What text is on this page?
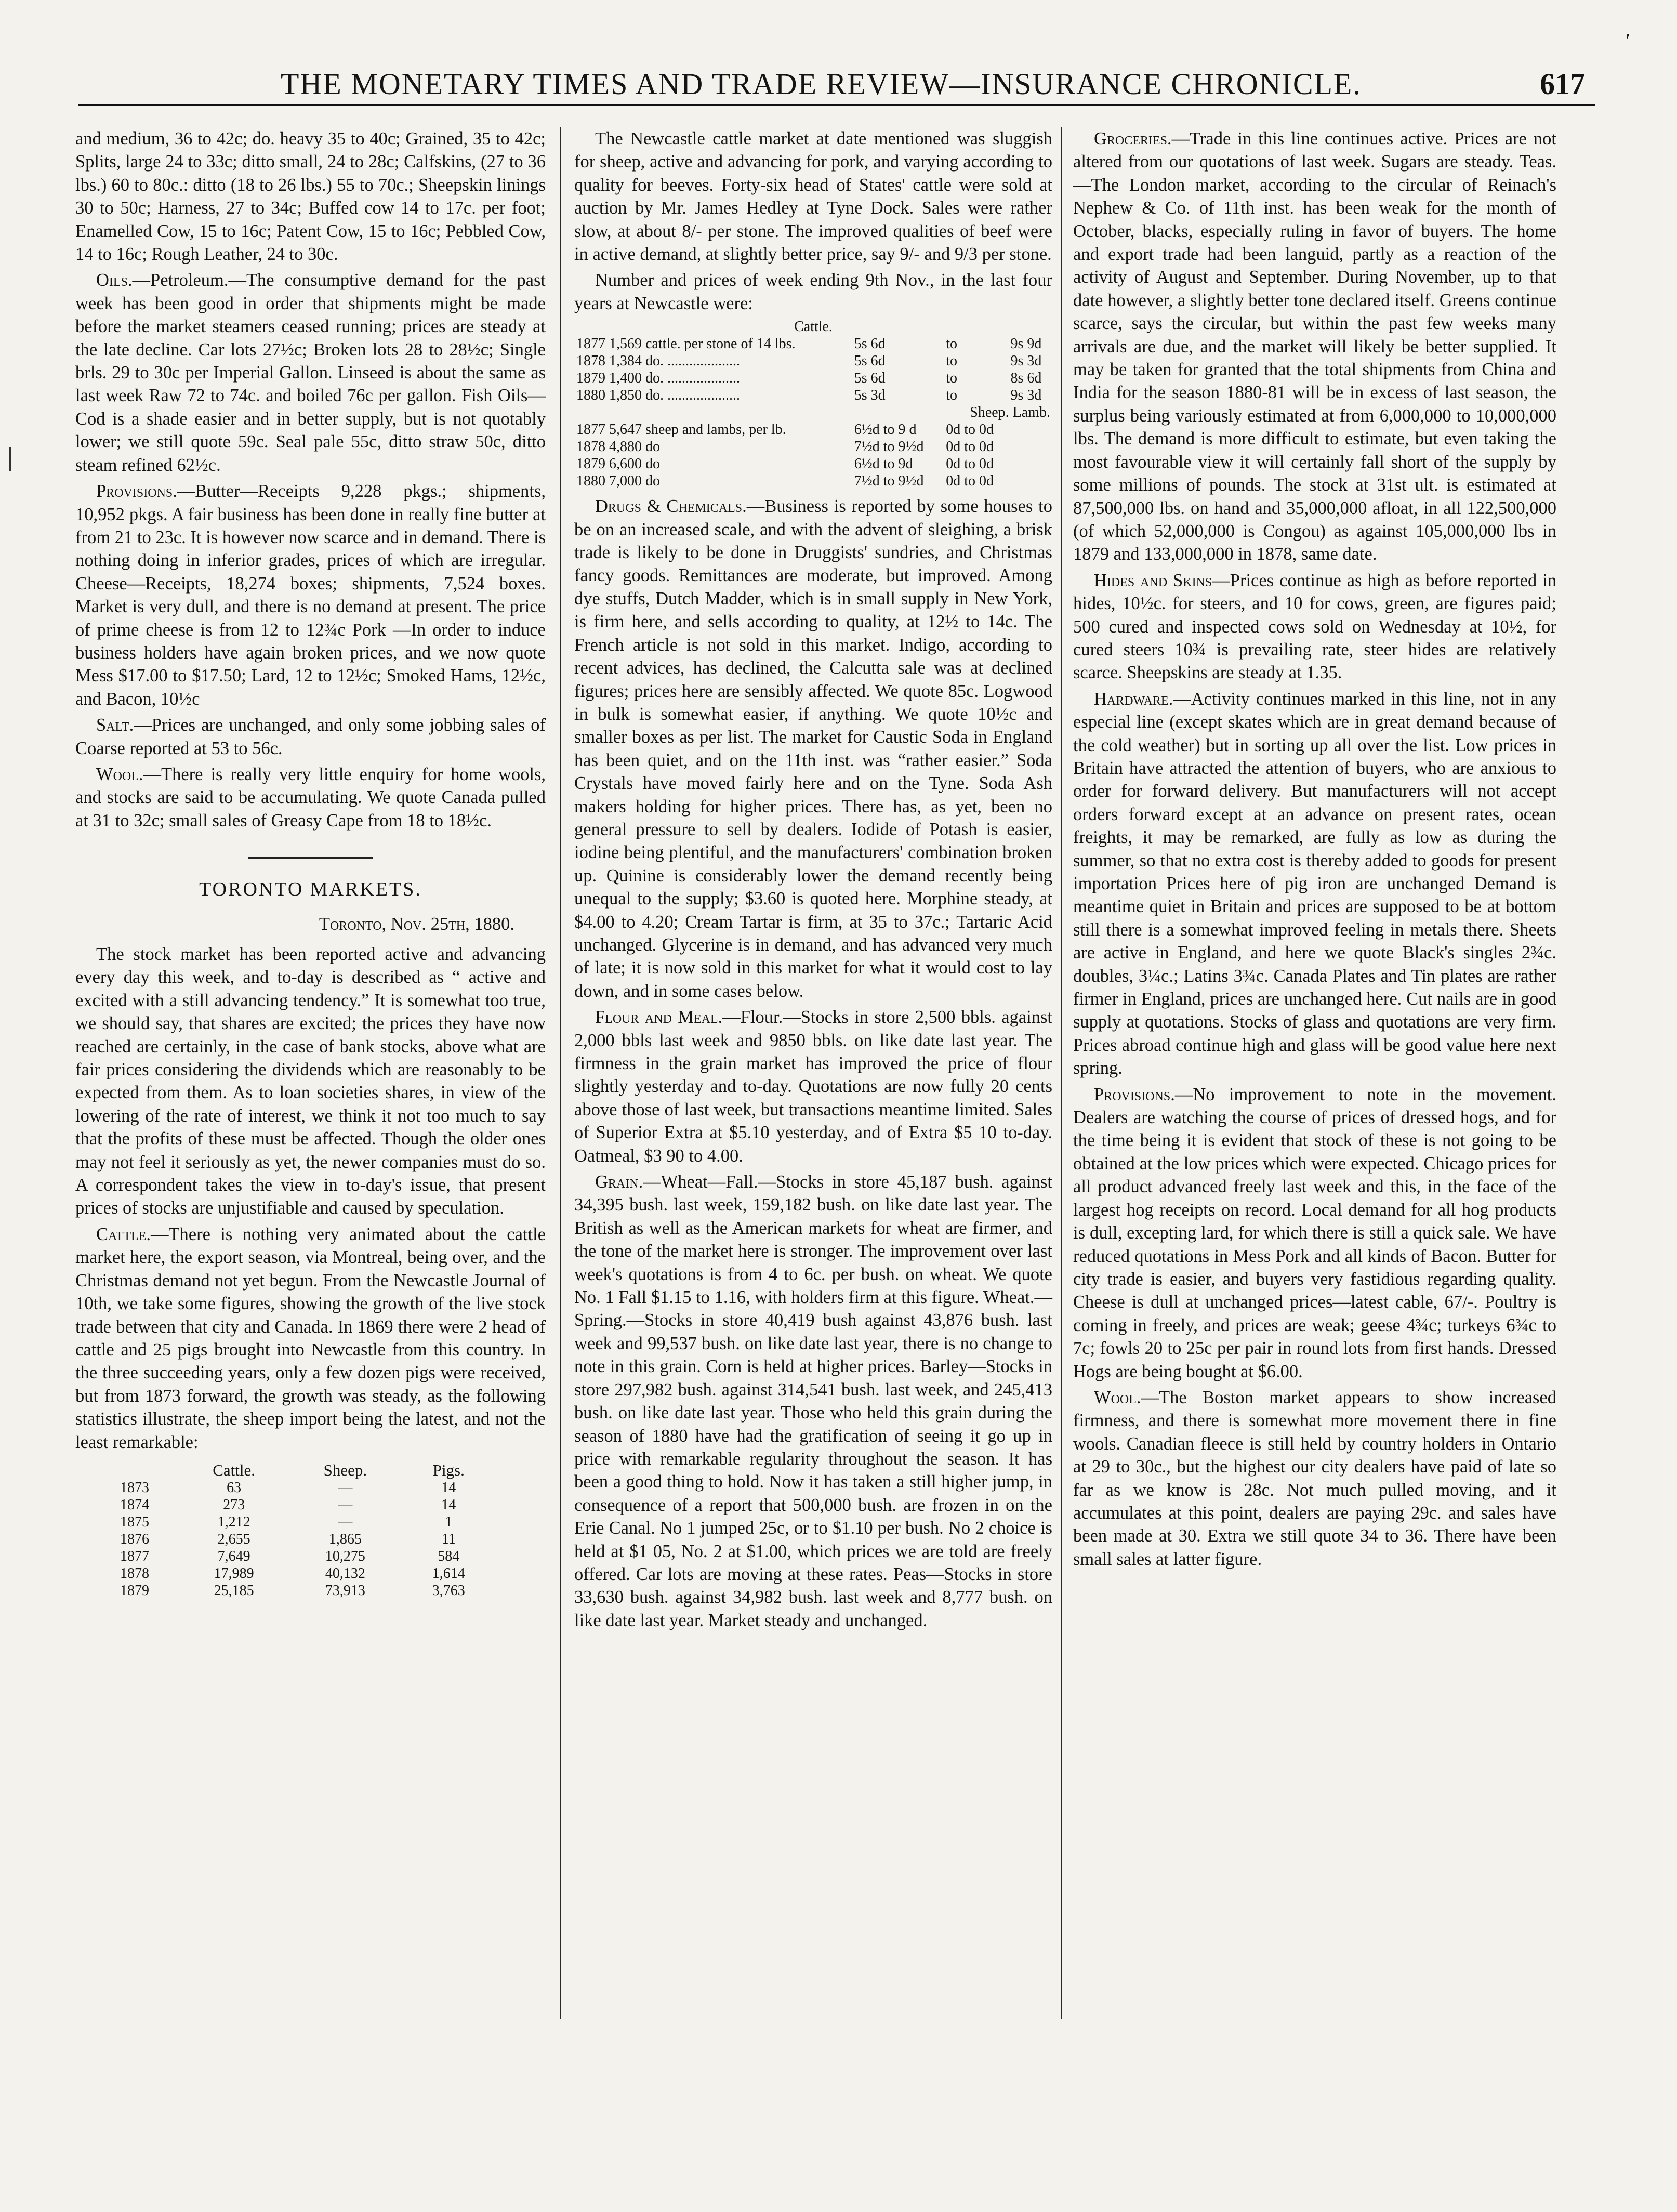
′
THE MONETARY TIMES AND TRADE REVIEW—INSURANCE CHRONICLE.	617

and medium, 36 to 42c; do. heavy 35 to 40c; Grained, 35 to 42c; Splits, large 24 to 33c; ditto small, 24 to 28c; Calfskins, (27 to 36 lbs.) 60 to 80c.: ditto (18 to 26 lbs.) 55 to 70c.; Sheepskin linings 30 to 50c; Harness, 27 to 34c; Buffed cow 14 to 17c. per foot; Enamelled Cow, 15 to 16c; Patent Cow, 15 to 16c; Pebbled Cow, 14 to 16c; Rough Leather, 24 to 30c.

Oils.—Petroleum.—The consumptive demand for the past week has been good in order that shipments might be made before the market steamers ceased running; prices are steady at the late decline. Car lots 27½c; Broken lots 28 to 28½c; Single brls. 29 to 30c per Imperial Gallon. Linseed is about the same as last week Raw 72 to 74c. and boiled 76c per gallon. Fish Oils—Cod is a shade easier and in better supply, but is not quotably lower; we still quote 59c. Seal pale 55c, ditto straw 50c, ditto steam refined 62½c.

Provisions.—Butter—Receipts 9,228 pkgs.; shipments, 10,952 pkgs. A fair business has been done in really fine butter at from 21 to 23c. It is however now scarce and in demand. There is nothing doing in inferior grades, prices of which are irregular. Cheese—Receipts, 18,274 boxes; shipments, 7,524 boxes. Market is very dull, and there is no demand at present. The price of prime cheese is from 12 to 12¾c Pork —In order to induce business holders have again broken prices, and we now quote Mess $17.00 to $17.50; Lard, 12 to 12½c; Smoked Hams, 12½c, and Bacon, 10½c

Salt.—Prices are unchanged, and only some jobbing sales of Coarse reported at 53 to 56c.

Wool.—There is really very little enquiry for home wools, and stocks are said to be accumulating. We quote Canada pulled at 31 to 32c; small sales of Greasy Cape from 18 to 18½c.

TORONTO MARKETS.
Toronto, Nov. 25th, 1880.

The stock market has been reported active and advancing every day this week, and to-day is described as “ active and excited with a still advancing tendency.” It is somewhat too true, we should say, that shares are excited; the prices they have now reached are certainly, in the case of bank stocks, above what are fair prices considering the dividends which are reasonably to be expected from them. As to loan societies shares, in view of the lowering of the rate of interest, we think it not too much to say that the profits of these must be affected. Though the older ones may not feel it seriously as yet, the newer companies must do so. A correspondent takes the view in to-day's issue, that present prices of stocks are unjustifiable and caused by speculation.

Cattle.—There is nothing very animated about the cattle market here, the export season, via Montreal, being over, and the Christmas demand not yet begun. From the Newcastle Journal of 10th, we take some figures, showing the growth of the live stock trade between that city and Canada. In 1869 there were 2 head of cattle and 25 pigs brought into Newcastle from this country. In the three succeeding years, only a few dozen pigs were received, but from 1873 forward, the growth was steady, as the following statistics illustrate, the sheep import being the latest, and not the least remarkable:

	Cattle.	Sheep.	Pigs.
1873	63	—	14
1874	273	—	14
1875	1,212	—	1
1876	2,655	1,865	11
1877	7,649	10,275	584
1878	17,989	40,132	1,614
1879	25,185	73,913	3,763

The Newcastle cattle market at date mentioned was sluggish for sheep, active and advancing for pork, and varying according to quality for beeves. Forty-six head of States' cattle were sold at auction by Mr. James Hedley at Tyne Dock. Sales were rather slow, at about 8/- per stone. The improved qualities of beef were in active demand, at slightly better price, say 9/- and 9/3 per stone.

Number and prices of week ending 9th Nov., in the last four years at Newcastle were:

Cattle.			
1877 1,569 cattle. per stone of 14 lbs.	5s 6d	to	9s 9d
1878 1,384 do. ....................	5s 6d	to	9s 3d
1879 1,400 do. ....................	5s 6d	to	8s 6d
1880 1,850 do. ....................	5s 3d	to	9s 3d
Sheep. Lamb.			
1877 5,647 sheep and lambs, per lb.	6½d to 9 d	0d to 0d	
1878 4,880 do	7½d to 9½d	0d to 0d	
1879 6,600 do	6½d to 9d	0d to 0d	
1880 7,000 do	7½d to 9½d	0d to 0d	

Drugs & Chemicals.—Business is reported by some houses to be on an increased scale, and with the advent of sleighing, a brisk trade is likely to be done in Druggists' sundries, and Christmas fancy goods. Remittances are moderate, but improved. Among dye stuffs, Dutch Madder, which is in small supply in New York, is firm here, and sells according to quality, at 12½ to 14c. The French article is not sold in this market. Indigo, according to recent advices, has declined, the Calcutta sale was at declined figures; prices here are sensibly affected. We quote 85c. Logwood in bulk is somewhat easier, if anything. We quote 10½c and smaller boxes as per list. The market for Caustic Soda in England has been quiet, and on the 11th inst. was “rather easier.” Soda Crystals have moved fairly here and on the Tyne. Soda Ash makers holding for higher prices. There has, as yet, been no general pressure to sell by dealers. Iodide of Potash is easier, iodine being plentiful, and the manufacturers' combination broken up. Quinine is considerably lower the demand recently being unequal to the supply; $3.60 is quoted here. Morphine steady, at $4.00 to 4.20; Cream Tartar is firm, at 35 to 37c.; Tartaric Acid unchanged. Glycerine is in demand, and has advanced very much of late; it is now sold in this market for what it would cost to lay down, and in some cases below.

Flour and Meal.—Flour.—Stocks in store 2,500 bbls. against 2,000 bbls last week and 9850 bbls. on like date last year. The firmness in the grain market has improved the price of flour slightly yesterday and to-day. Quotations are now fully 20 cents above those of last week, but transactions meantime limited. Sales of Superior Extra at $5.10 yesterday, and of Extra $5 10 to-day. Oatmeal, $3 90 to 4.00.

Grain.—Wheat—Fall.—Stocks in store 45,187 bush. against 34,395 bush. last week, 159,182 bush. on like date last year. The British as well as the American markets for wheat are firmer, and the tone of the market here is stronger. The improvement over last week's quotations is from 4 to 6c. per bush. on wheat. We quote No. 1 Fall $1.15 to 1.16, with holders firm at this figure. Wheat.—Spring.—Stocks in store 40,419 bush against 43,876 bush. last week and 99,537 bush. on like date last year, there is no change to note in this grain. Corn is held at higher prices. Barley—Stocks in store 297,982 bush. against 314,541 bush. last week, and 245,413 bush. on like date last year. Those who held this grain during the season of 1880 have had the gratification of seeing it go up in price with remarkable regularity throughout the season. It has been a good thing to hold. Now it has taken a still higher jump, in consequence of a report that 500,000 bush. are frozen in on the Erie Canal. No 1 jumped 25c, or to $1.10 per bush. No 2 choice is held at $1 05, No. 2 at $1.00, which prices we are told are freely offered. Car lots are moving at these rates. Peas—Stocks in store 33,630 bush. against 34,982 bush. last week and 8,777 bush. on like date last year. Market steady and unchanged.

Groceries.—Trade in this line continues active. Prices are not altered from our quotations of last week. Sugars are steady. Teas.—The London market, according to the circular of Reinach's Nephew & Co. of 11th inst. has been weak for the month of October, blacks, especially ruling in favor of buyers. The home and export trade had been languid, partly as a reaction of the activity of August and September. During November, up to that date however, a slightly better tone declared itself. Greens continue scarce, says the circular, but within the past few weeks many arrivals are due, and the market will likely be better supplied. It may be taken for granted that the total shipments from China and India for the season 1880-81 will be in excess of last season, the surplus being variously estimated at from 6,000,000 to 10,000,000 lbs. The demand is more difficult to estimate, but even taking the most favourable view it will certainly fall short of the supply by some millions of pounds. The stock at 31st ult. is estimated at 87,500,000 lbs. on hand and 35,000,000 afloat, in all 122,500,000 (of which 52,000,000 is Congou) as against 105,000,000 lbs in 1879 and 133,000,000 in 1878, same date.

Hides and Skins—Prices continue as high as before reported in hides, 10½c. for steers, and 10 for cows, green, are figures paid; 500 cured and inspected cows sold on Wednesday at 10½, for cured steers 10¾ is prevailing rate, steer hides are relatively scarce. Sheepskins are steady at 1.35.

Hardware.—Activity continues marked in this line, not in any especial line (except skates which are in great demand because of the cold weather) but in sorting up all over the list. Low prices in Britain have attracted the attention of buyers, who are anxious to order for forward delivery. But manufacturers will not accept orders forward except at an advance on present rates, ocean freights, it may be remarked, are fully as low as during the summer, so that no extra cost is thereby added to goods for present importation Prices here of pig iron are unchanged Demand is meantime quiet in Britain and prices are supposed to be at bottom still there is a somewhat improved feeling in metals there. Sheets are active in England, and here we quote Black's singles 2¾c. doubles, 3¼c.; Latins 3¾c. Canada Plates and Tin plates are rather firmer in England, prices are unchanged here. Cut nails are in good supply at quotations. Stocks of glass and quotations are very firm. Prices abroad continue high and glass will be good value here next spring.

Provisions.—No improvement to note in the movement. Dealers are watching the course of prices of dressed hogs, and for the time being it is evident that stock of these is not going to be obtained at the low prices which were expected. Chicago prices for all product advanced freely last week and this, in the face of the largest hog receipts on record. Local demand for all hog products is dull, excepting lard, for which there is still a quick sale. We have reduced quotations in Mess Pork and all kinds of Bacon. Butter for city trade is easier, and buyers very fastidious regarding quality. Cheese is dull at unchanged prices—latest cable, 67/-. Poultry is coming in freely, and prices are weak; geese 4¾c; turkeys 6¾c to 7c; fowls 20 to 25c per pair in round lots from first hands. Dressed Hogs are being bought at $6.00.

Wool.—The Boston market appears to show increased firmness, and there is somewhat more movement there in fine wools. Canadian fleece is still held by country holders in Ontario at 29 to 30c., but the highest our city dealers have paid of late so far as we know is 28c. Not much pulled moving, and it accumulates at this point, dealers are paying 29c. and sales have been made at 30. Extra we still quote 34 to 36. There have been small sales at latter figure.
